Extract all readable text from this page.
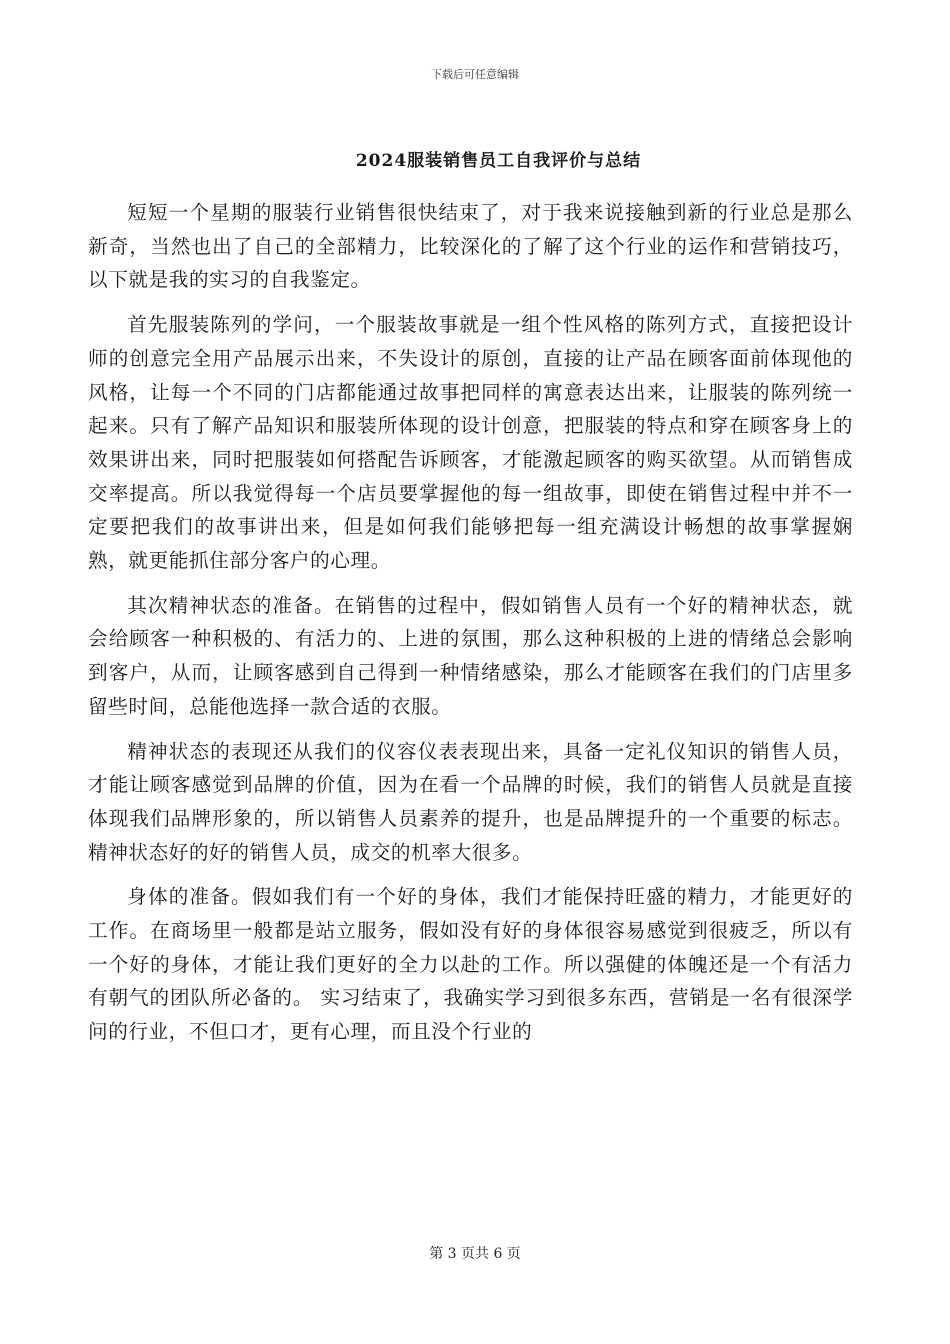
下载后可任意编辑
2024服装销售员工自我评价与总结

短短一个星期的服装行业销售很快结束了，对于我来说接触到新的行业总是那么新奇，当然也出了自己的全部精力，比较深化的了解了这个行业的运作和营销技巧，以下就是我的实习的自我鉴定。

首先服装陈列的学问，一个服装故事就是一组个性风格的陈列方式，直接把设计师的创意完全用产品展示出来，不失设计的原创，直接的让产品在顾客面前体现他的风格，让每一个不同的门店都能通过故事把同样的寓意表达出来，让服装的陈列统一起来。只有了解产品知识和服装所体现的设计创意，把服装的特点和穿在顾客身上的效果讲出来，同时把服装如何搭配告诉顾客，才能激起顾客的购买欲望。从而销售成交率提高。所以我觉得每一个店员要掌握他的每一组故事，即使在销售过程中并不一定要把我们的故事讲出来，但是如何我们能够把每一组充满设计畅想的故事掌握娴熟，就更能抓住部分客户的心理。

其次精神状态的准备。在销售的过程中，假如销售人员有一个好的精神状态，就会给顾客一种积极的、有活力的、上进的氛围，那么这种积极的上进的情绪总会影响到客户，从而，让顾客感到自己得到一种情绪感染，那么才能顾客在我们的门店里多留些时间，总能他选择一款合适的衣服。

精神状态的表现还从我们的仪容仪表表现出来，具备一定礼仪知识的销售人员，才能让顾客感觉到品牌的价值，因为在看一个品牌的时候，我们的销售人员就是直接体现我们品牌形象的，所以销售人员素养的提升，也是品牌提升的一个重要的标志。精神状态好的好的销售人员，成交的机率大很多。

身体的准备。假如我们有一个好的身体，我们才能保持旺盛的精力，才能更好的工作。在商场里一般都是站立服务，假如没有好的身体很容易感觉到很疲乏，所以有一个好的身体，才能让我们更好的全力以赴的工作。所以强健的体魄还是一个有活力有朝气的团队所必备的。 实习结束了，我确实学习到很多东西，营销是一名有很深学问的行业，不但口才，更有心理，而且没个行业的

第 3 页共 6 页
